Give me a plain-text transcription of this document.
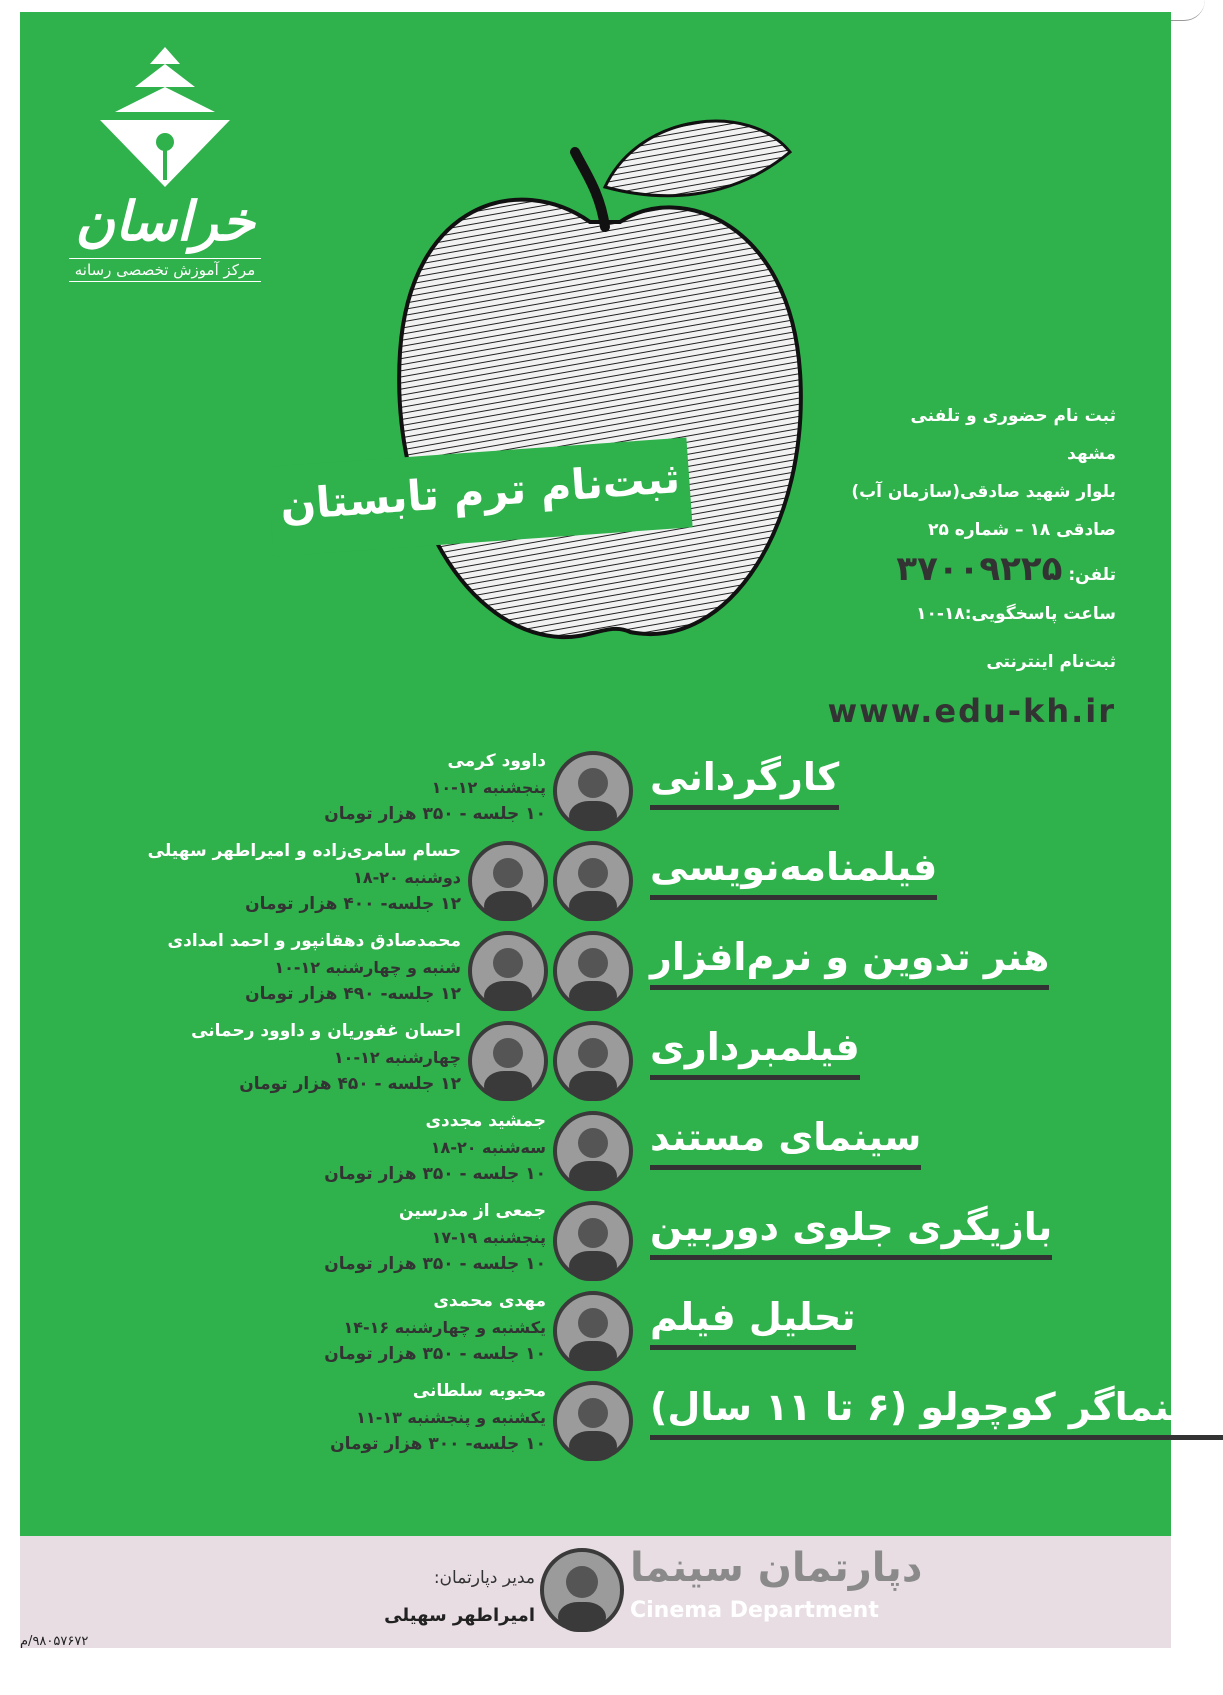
خراسان
مرکز آموزش تخصصی رسانه
ثبت‌نام ترم تابستان
ثبت نام حضوری و تلفنی
مشهد
بلوار شهید صادقی(سازمان آب)
صادقی ۱۸ – شماره ۲۵
تلفن: ۳۷۰۰۹۲۲۵
ساعت پاسخگویی:۱۸-۱۰
ثبت‌نام اینترنتی
www.edu-kh.ir
کارگردانی
داوود کرمی
پنجشنبه ۱۲-۱۰
۱۰ جلسه - ۳۵۰ هزار تومان
فیلمنامه‌نویسی
حسام سامری‌زاده و امیراطهر سهیلی
دوشنبه ۲۰-۱۸
۱۲ جلسه- ۴۰۰ هزار تومان
هنر تدوین و نرم‌افزار
محمدصادق دهقانپور و احمد امدادی
شنبه و چهارشنبه ۱۲-۱۰
۱۲ جلسه- ۴۹۰ هزار تومان
فیلمبرداری
احسان غفوریان و داوود رحمانی
چهارشنبه ۱۲-۱۰
۱۲ جلسه - ۴۵۰ هزار تومان
سینمای مستند
جمشید مجددی
سه‌شنبه ۲۰-۱۸
۱۰ جلسه - ۳۵۰ هزار تومان
بازیگری جلوی دوربین
جمعی از مدرسین
پنجشنبه ۱۹-۱۷
۱۰ جلسه - ۳۵۰ هزار تومان
تحلیل فیلم
مهدی محمدی
یکشنبه و چهارشنبه ۱۶-۱۴
۱۰ جلسه - ۳۵۰ هزار تومان
سینماگر کوچولو (۶ تا ۱۱ سال)
محبوبه سلطانی
یکشنبه و پنجشنبه ۱۳-۱۱
۱۰ جلسه- ۳۰۰ هزار تومان
دپارتمان سینما
Cinema Department
مدیر دپارتمان:
امیراطهر سهیلی
۹۸۰۵۷۶۷۲/م
